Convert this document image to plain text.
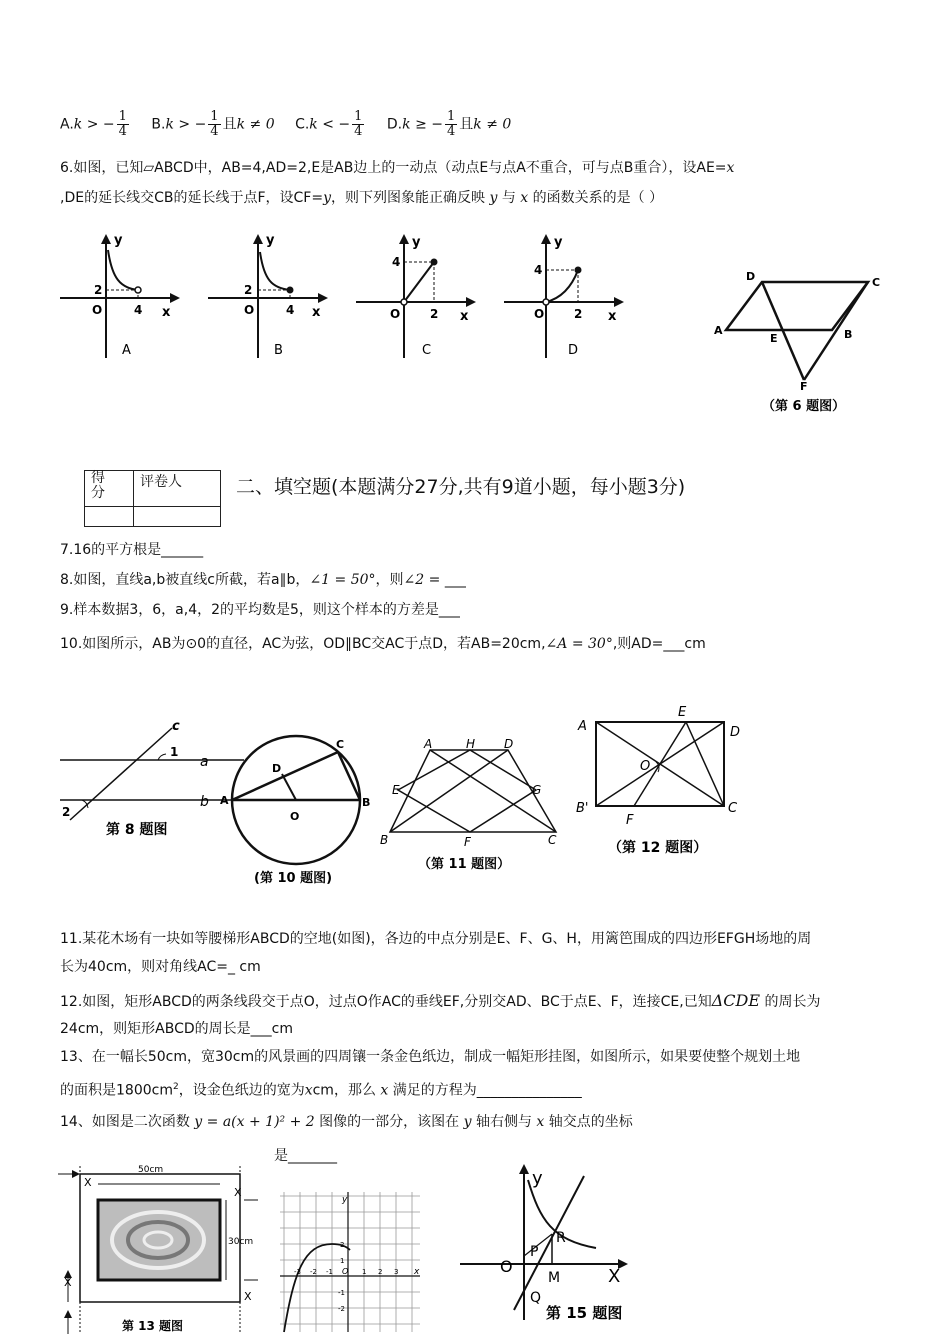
A.k > − $\frac{1}{4} B.k$ > − $\frac{1}{4}$ 且k ≠ 0 C.k < − $\frac{1}{4} D.k$ ≥ − $\frac{1}{4}$ 且k ≠ 0
6.如图，已知▱ABCD中，AB=4,AD=2,E是AB边上的一动点（动点E与点A不重合，可与点B重合），设AE=x
,DE的延长线交CB的延长线于点F，设CF=y，则下列图象能正确反映 y 与 x 的函数关系的是（ ）
y
x
O
2
4
A
y
x
O
2
4
B
y
x
O
4
2
C
y
x
O
4
2
D
D	C
A
E	B
F
（第 6 题图）
得
分	评卷人
		二、填空题(本题满分27分,共有9道小题，每小题3分)
7.16的平方根是______
8.如图，直线a,b被直线c所截，若a∥b，∠1 = 50°，则∠2 = ___
9.样本数据3，6，a,4，2的平均数是5，则这个样本的方差是___
10.如图所示，AB为⊙0的直径，AC为弦，OD∥BC交AC于点D，若AB=20cm,∠A = 30°,则AD=___cm
c
a
b
1
2
第 8 题图
A	B
C
D
O
(第 10 题图)
A	H D
E	G
B	F	C
（第 11 题图）
A
E
D
O
B'	C
F
（第 12 题图）
11.某花木场有一块如等腰梯形ABCD的空地(如图)，各边的中点分别是E、F、G、H，用篱笆围成的四边形EFGH场地的周
长为40cm，则对角线AC=_ cm
12.如图，矩形ABCD的两条线段交于点O，过点O作AC的垂线EF,分别交AD、BC于点E、F，连接CE,已知ΔCDE 的周长为
24cm，则矩形ABCD的周长是___cm
13、在一幅长50cm，宽30cm的风景画的四周镶一条金色纸边，制成一幅矩形挂图，如图所示，如果要使整个规划土地
的面积是$1800cm^2$，设金色纸边的宽为xcm，那么 x 满足的方程为_______________
14、如图是二次函数 y = a(x + 1)² + 2 图像的一部分，该图在 y 轴右侧与 x 轴交点的坐标
是_______
50cm
30cm
X
X
X
X
第 13 题图
y
x
O
-3 -2 -1	1 2 3
2
1
-1
-2
y
X
O
P
R
M
Q
第 15 题图
